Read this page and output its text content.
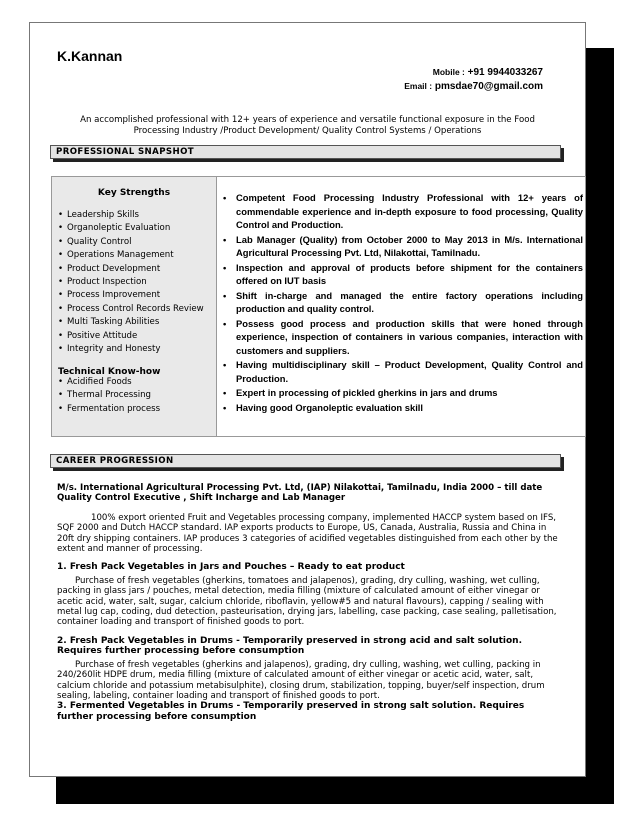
K.Kannan
Mobile : +91 9944033267
Email : pmsdae70@gmail.com
An accomplished professional with 12+ years of experience and versatile functional exposure in the Food Processing Industry /Product Development/ Quality Control Systems / Operations
PROFESSIONAL SNAPSHOT
Key Strengths
• Leadership Skills
• Organoleptic Evaluation
• Quality Control
• Operations Management
• Product Development
• Product Inspection
• Process Improvement
• Process Control Records Review
• Multi Tasking Abilities
• Positive Attitude
• Integrity and Honesty
Technical Know-how
• Acidified Foods
• Thermal Processing
• Fermentation process
• Competent Food Processing Industry Professional with 12+ years of commendable experience and in-depth exposure to food processing, Quality Control and Production.
• Lab Manager (Quality) from October 2000 to May 2013 in M/s. International Agricultural Processing Pvt. Ltd, Nilakottai, Tamilnadu.
• Inspection and approval of products before shipment for the containers offered on IUT basis
• Shift in-charge and managed the entire factory operations including production and quality control.
• Possess good process and production skills that were honed through experience, inspection of containers in various companies, interaction with customers and suppliers.
• Having multidisciplinary skill – Product Development, Quality Control and Production.
• Expert in processing of pickled gherkins in jars and drums
• Having good Organoleptic evaluation skill
CAREER PROGRESSION

M/s. International Agricultural Processing Pvt. Ltd, (IAP) Nilakottai, Tamilnadu, India 2000 – till date

Quality Control Executive , Shift Incharge and Lab Manager

100% export oriented Fruit and Vegetables processing company, implemented HACCP system based on IFS, SQF 2000 and Dutch HACCP standard. IAP exports products to Europe, US, Canada, Australia, Russia and China in 20ft dry shipping containers. IAP produces 3 categories of acidified vegetables distinguished from each other by the extent and manner of processing.

1. Fresh Pack Vegetables in Jars and Pouches – Ready to eat product

Purchase of fresh vegetables (gherkins, tomatoes and jalapenos), grading, dry culling, washing, wet culling, packing in glass jars / pouches, metal detection, media filling (mixture of calculated amount of either vinegar or acetic acid, water, salt, sugar, calcium chloride, riboflavin, yellow#5 and natural flavours), capping / sealing with metal lug cap, coding, dud detection, pasteurisation, drying jars, labelling, case packing, case sealing, palletisation, container loading and transport of finished goods to port.

2. Fresh Pack Vegetables in Drums - Temporarily preserved in strong acid and salt solution. Requires further processing before consumption

Purchase of fresh vegetables (gherkins and jalapenos), grading, dry culling, washing, wet culling, packing in 240/260lit HDPE drum, media filling (mixture of calculated amount of either vinegar or acetic acid, water, salt, calcium chloride and potassium metabisulphite), closing drum, stabilization, topping, buyer/self inspection, drum sealing, labeling, container loading and transport of finished goods to port.

3. Fermented Vegetables in Drums - Temporarily preserved in strong salt solution. Requires further processing before consumption
